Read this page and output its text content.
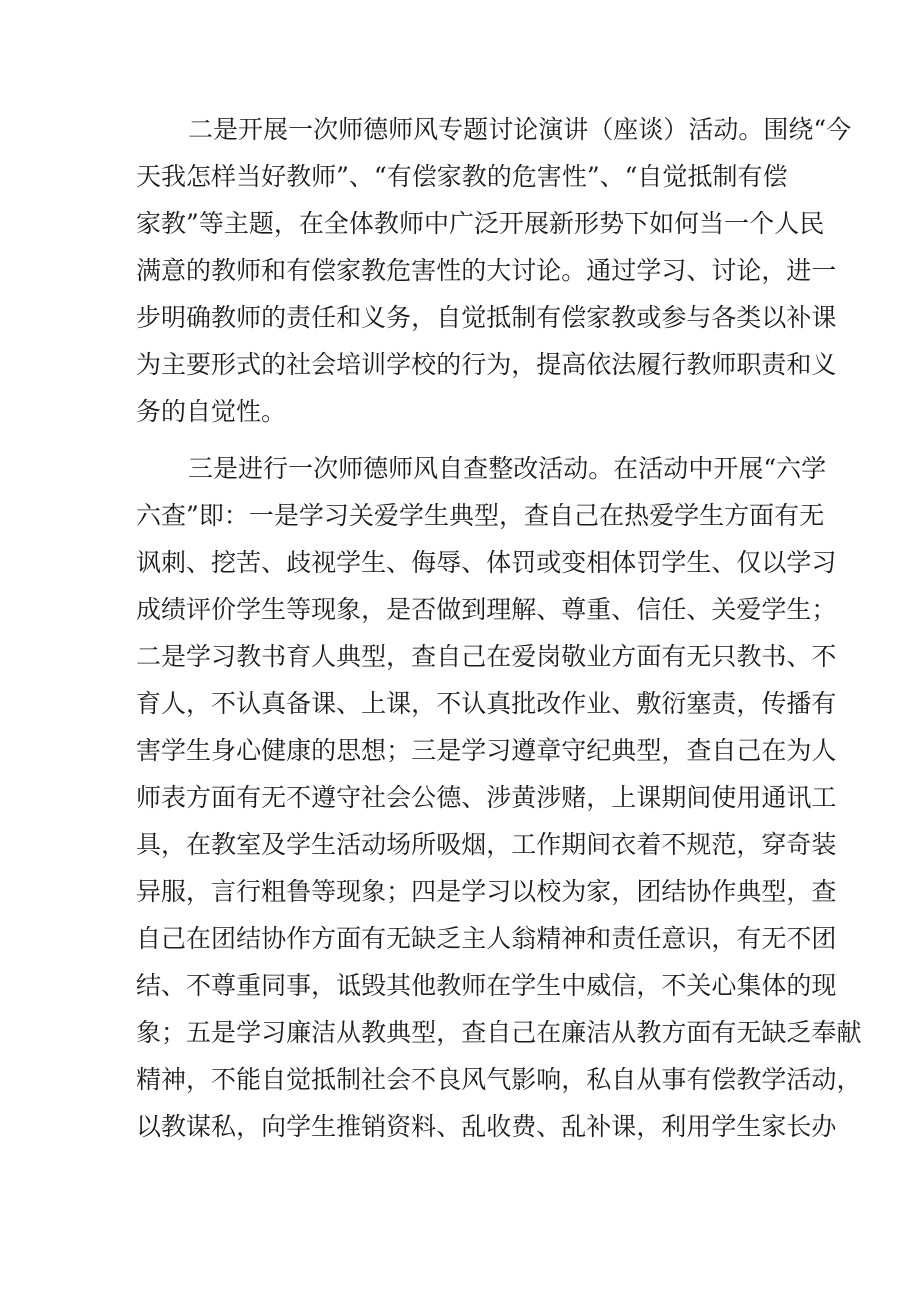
二 是 开 展 一 次 师 德 师 风 专 题 讨 论 演 讲 （ 座 谈 ） 活 动 。 围 绕 “ 今
天 我 怎 样 当 好 教 师 ” 、 “ 有 偿 家 教 的 危 害 性 ” 、 “ 自 觉 抵 制 有 偿
家 教 ” 等 主 题 ， 在 全 体 教 师 中 广 泛 开 展 新 形 势 下 如 何 当 一 个 人 民
满 意 的 教 师 和 有 偿 家 教 危 害 性 的 大 讨 论 。 通 过 学 习 、 讨 论 ， 进 一
步 明 确 教 师 的 责 任 和 义 务 ， 自 觉 抵 制 有 偿 家 教 或 参 与 各 类 以 补 课
为 主 要 形 式 的 社 会 培 训 学 校 的 行 为 ， 提 高 依 法 履 行 教 师 职 责 和 义
务的自觉性。
三 是 进 行 一 次 师 德 师 风 自 查 整 改 活 动 。 在 活 动 中 开 展 “ 六 学
六 查 ” 即 ： 一 是 学 习 关 爱 学 生 典 型 ， 查 自 己 在 热 爱 学 生 方 面 有 无
讽 刺 、 挖 苦 、 歧 视 学 生 、 侮 辱 、 体 罚 或 变 相 体 罚 学 生 、 仅 以 学 习
成 绩 评 价 学 生 等 现 象 ， 是 否 做 到 理 解 、 尊 重 、 信 任 、 关 爱 学 生 ；
二 是 学 习 教 书 育 人 典 型 ， 查 自 己 在 爱 岗 敬 业 方 面 有 无 只 教 书 、 不
育 人 ， 不 认 真 备 课 、 上 课 ， 不 认 真 批 改 作 业 、 敷 衍 塞 责 ， 传 播 有
害 学 生 身 心 健 康 的 思 想 ； 三 是 学 习 遵 章 守 纪 典 型 ， 查 自 己 在 为 人
师 表 方 面 有 无 不 遵 守 社 会 公 德 、 涉 黄 涉 赌 ， 上 课 期 间 使 用 通 讯 工
具 ， 在 教 室 及 学 生 活 动 场 所 吸 烟 ， 工 作 期 间 衣 着 不 规 范 ， 穿 奇 装
异 服 ， 言 行 粗 鲁 等 现 象 ； 四 是 学 习 以 校 为 家 ， 团 结 协 作 典 型 ， 查
自 己 在 团 结 协 作 方 面 有 无 缺 乏 主 人 翁 精 神 和 责 任 意 识 ， 有 无 不 团
结 、 不 尊 重 同 事 ， 诋 毁 其 他 教 师 在 学 生 中 威 信 ， 不 关 心 集 体 的 现
象 ； 五 是 学 习 廉 洁 从 教 典 型 ， 查 自 己 在 廉 洁 从 教 方 面 有 无 缺 乏 奉 献
精 神 ， 不 能 自 觉 抵 制 社 会 不 良 风 气 影 响 ， 私 自 从 事 有 偿 教 学 活 动 ，
以 教 谋 私 ， 向 学 生 推 销 资 料 、 乱 收 费 、 乱 补 课 ， 利 用 学 生 家 长 办
